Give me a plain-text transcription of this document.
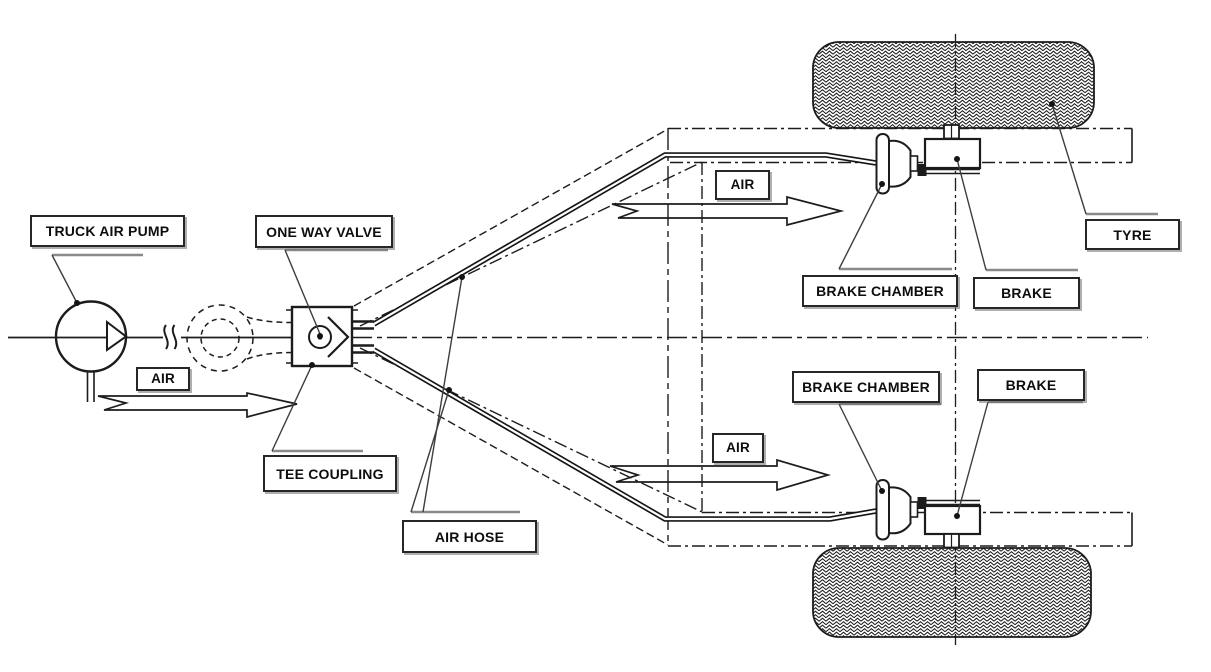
TRUCK AIR PUMP	ONE WAY VALVE
TEE COUPLING
AIR HOSE
AIR
AIR
AIR
BRAKE CHAMBER	BRAKE
TYRE
BRAKE CHAMBER	BRAKE
